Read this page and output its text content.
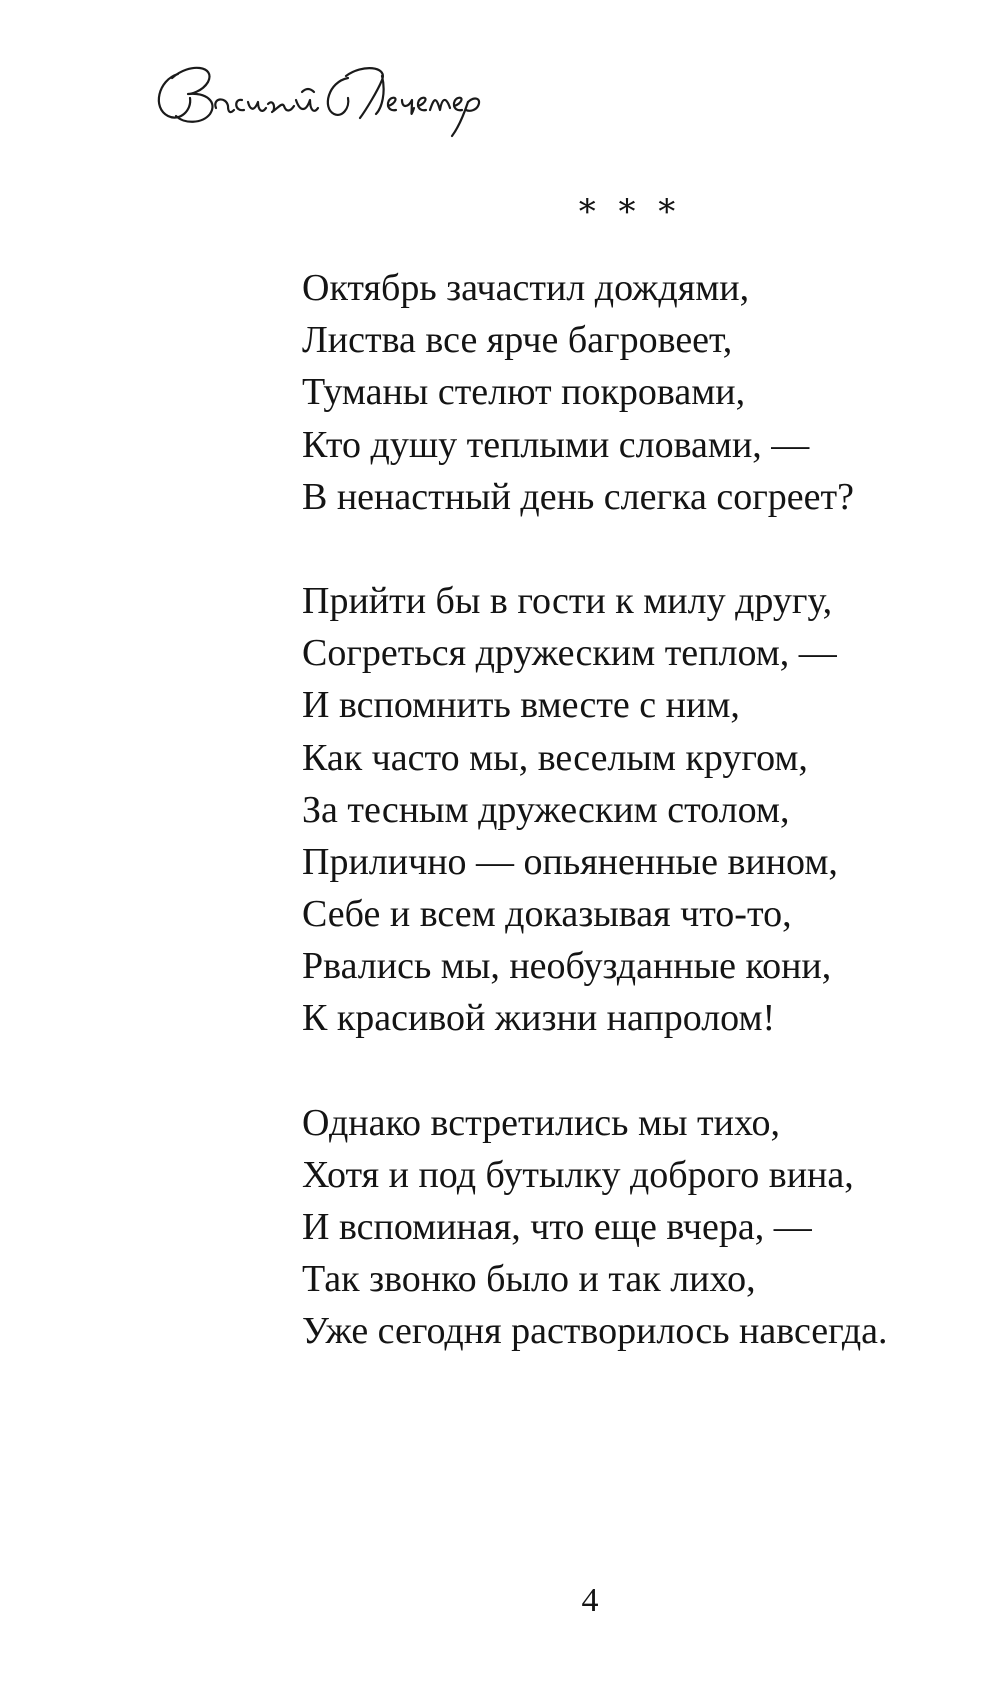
* * *
Октябрь зачастил дождями,
Листва все ярче багровеет,
Туманы стелют покровами,
Кто душу теплыми словами, —
В ненастный день слегка согреет?
Прийти бы в гости к милу другу,
Согреться дружеским теплом, —
И вспомнить вместе с ним,
Как часто мы, веселым кругом,
За тесным дружеским столом,
Прилично — опьяненные вином,
Себе и всем доказывая что-то,
Рвались мы, необузданные кони,
К красивой жизни напролом!
Однако встретились мы тихо,
Хотя и под бутылку доброго вина,
И вспоминая, что еще вчера, —
Так звонко было и так лихо,
Уже сегодня растворилось навсегда.
4
